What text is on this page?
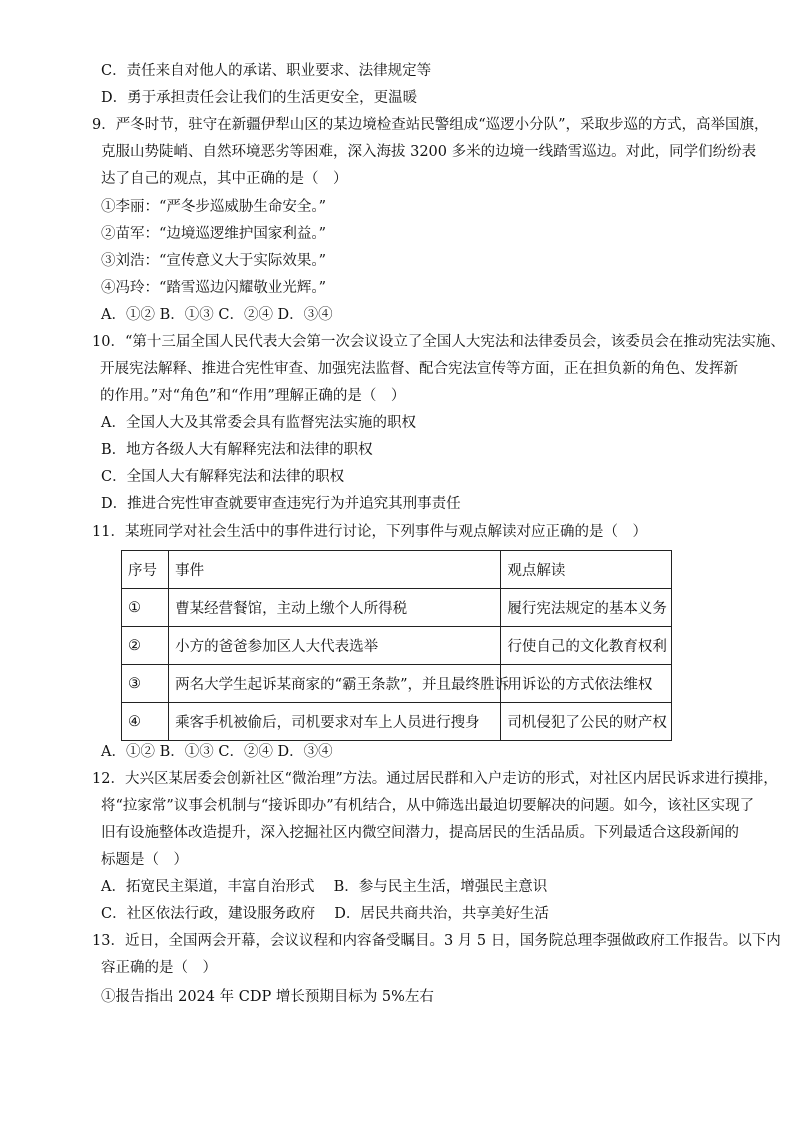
C．责任来自对他人的承诺、职业要求、法律规定等
D．勇于承担责任会让我们的生活更安全，更温暖
9．严冬时节，驻守在新疆伊犁山区的某边境检查站民警组成“巡逻小分队”，采取步巡的方式，高举国旗，
克服山势陡峭、自然环境恶劣等困难，深入海拔 3200 多米的边境一线踏雪巡边。对此，同学们纷纷表
达了自己的观点，其中正确的是（　）
①李丽：“严冬步巡威胁生命安全。”
②苗军：“边境巡逻维护国家利益。”
③刘浩：“宣传意义大于实际效果。”
④冯玲：“踏雪巡边闪耀敬业光辉。”
A．①② B．①③ C．②④ D．③④
10．“第十三届全国人民代表大会第一次会议设立了全国人大宪法和法律委员会，该委员会在推动宪法实施、
开展宪法解释、推进合宪性审查、加强宪法监督、配合宪法宣传等方面，正在担负新的角色、发挥新
的作用。”对“角色”和“作用”理解正确的是（　）
A．全国人大及其常委会具有监督宪法实施的职权
B．地方各级人大有解释宪法和法律的职权
C．全国人大有解释宪法和法律的职权
D．推进合宪性审查就要审查违宪行为并追究其刑事责任
11．某班同学对社会生活中的事件进行讨论，下列事件与观点解读对应正确的是（　）
序号	事件	观点解读
①	曹某经营餐馆，主动上缴个人所得税	履行宪法规定的基本义务
②	小方的爸爸参加区人大代表选举	行使自己的文化教育权利
③	两名大学生起诉某商家的“霸王条款”，并且最终胜诉	用诉讼的方式依法维权
④	乘客手机被偷后，司机要求对车上人员进行搜身	司机侵犯了公民的财产权
A．①② B．①③ C．②④ D．③④
12．大兴区某居委会创新社区“微治理”方法。通过居民群和入户走访的形式，对社区内居民诉求进行摸排，
将“拉家常”议事会机制与“接诉即办”有机结合，从中筛选出最迫切要解决的问题。如今，该社区实现了
旧有设施整体改造提升，深入挖掘社区内微空间潜力，提高居民的生活品质。下列最适合这段新闻的
标题是（　）
A．拓宽民主渠道，丰富自治形式　 B．参与民主生活，增强民主意识
C．社区依法行政，建设服务政府　 D．居民共商共治，共享美好生活
13．近日，全国两会开幕，会议议程和内容备受瞩目。3 月 5 日，国务院总理李强做政府工作报告。以下内
容正确的是（　）
①报告指出 2024 年 CDP 增长预期目标为 5%左右
